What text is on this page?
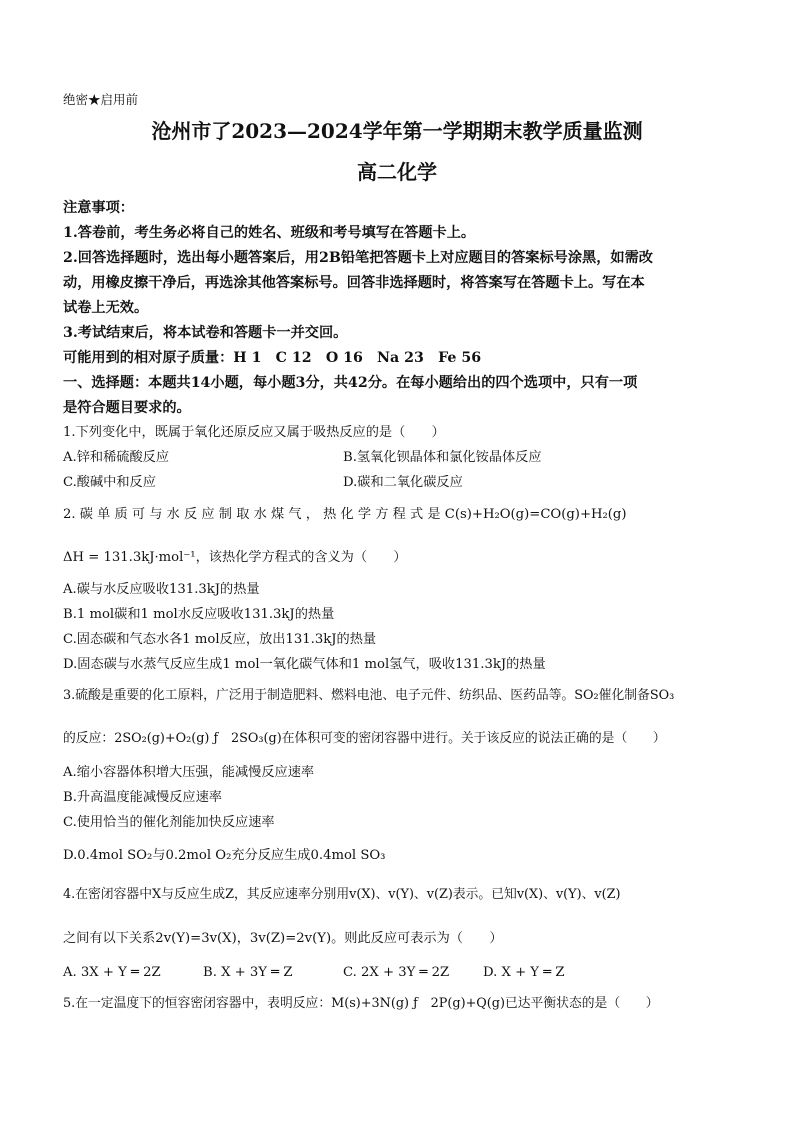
绝密★启用前
沧州市了2023—2024学年第一学期期末教学质量监测
高二化学
注意事项：
1.答卷前，考生务必将自己的姓名、班级和考号填写在答题卡上。
2.回答选择题时，选出每小题答案后，用2B铅笔把答题卡上对应题目的答案标号涂黑，如需改
动，用橡皮擦干净后，再选涂其他答案标号。回答非选择题时，将答案写在答题卡上。写在本
试卷上无效。
3.考试结束后，将本试卷和答题卡一并交回。
可能用到的相对原子质量：H 1　C 12　O 16　Na 23　Fe 56
一、选择题：本题共14小题，每小题3分，共42分。在每小题给出的四个选项中，只有一项
是符合题目要求的。
1.下列变化中，既属于氧化还原反应又属于吸热反应的是（　　）
A.锌和稀硫酸反应	B.氢氧化钡晶体和氯化铵晶体反应
C.酸碱中和反应	D.碳和二氧化碳反应
2. 碳 单 质 可 与 水 反 应 制 取 水 煤 气 ， 热 化 学 方 程 式 是 C(s)+H₂O(g)=CO(g)+H₂(g)
ΔH = 131.3kJ·mol⁻¹，该热化学方程式的含义为（　　）
A.碳与水反应吸收131.3kJ的热量
B.1 mol碳和1 mol水反应吸收131.3kJ的热量
C.固态碳和气态水各1 mol反应，放出131.3kJ的热量
D.固态碳与水蒸气反应生成1 mol一氧化碳气体和1 mol氢气，吸收131.3kJ的热量
3.硫酸是重要的化工原料，广泛用于制造肥料、燃料电池、电子元件、纺织品、医药品等。SO₂催化制备SO₃
的反应：2SO₂(g)+O₂(g) ƒ　2SO₃(g)在体积可变的密闭容器中进行。关于该反应的说法正确的是（　　）
A.缩小容器体积增大压强，能减慢反应速率
B.升高温度能减慢反应速率
C.使用恰当的催化剂能加快反应速率
D.0.4mol SO₂与0.2mol O₂充分反应生成0.4mol SO₃
4.在密闭容器中X与反应生成Z，其反应速率分别用v(X)、v(Y)、v(Z)表示。已知v(X)、v(Y)、v(Z)
之间有以下关系2v(Y)=3v(X)，3v(Z)=2v(Y)。则此反应可表示为（　　）
A. 3X + Y ═ 2Z	B. X + 3Y ═ Z	C. 2X + 3Y ═ 2Z	D. X + Y ═ Z
5.在一定温度下的恒容密闭容器中，表明反应：M(s)+3N(g) ƒ　2P(g)+Q(g)已达平衡状态的是（　　）
